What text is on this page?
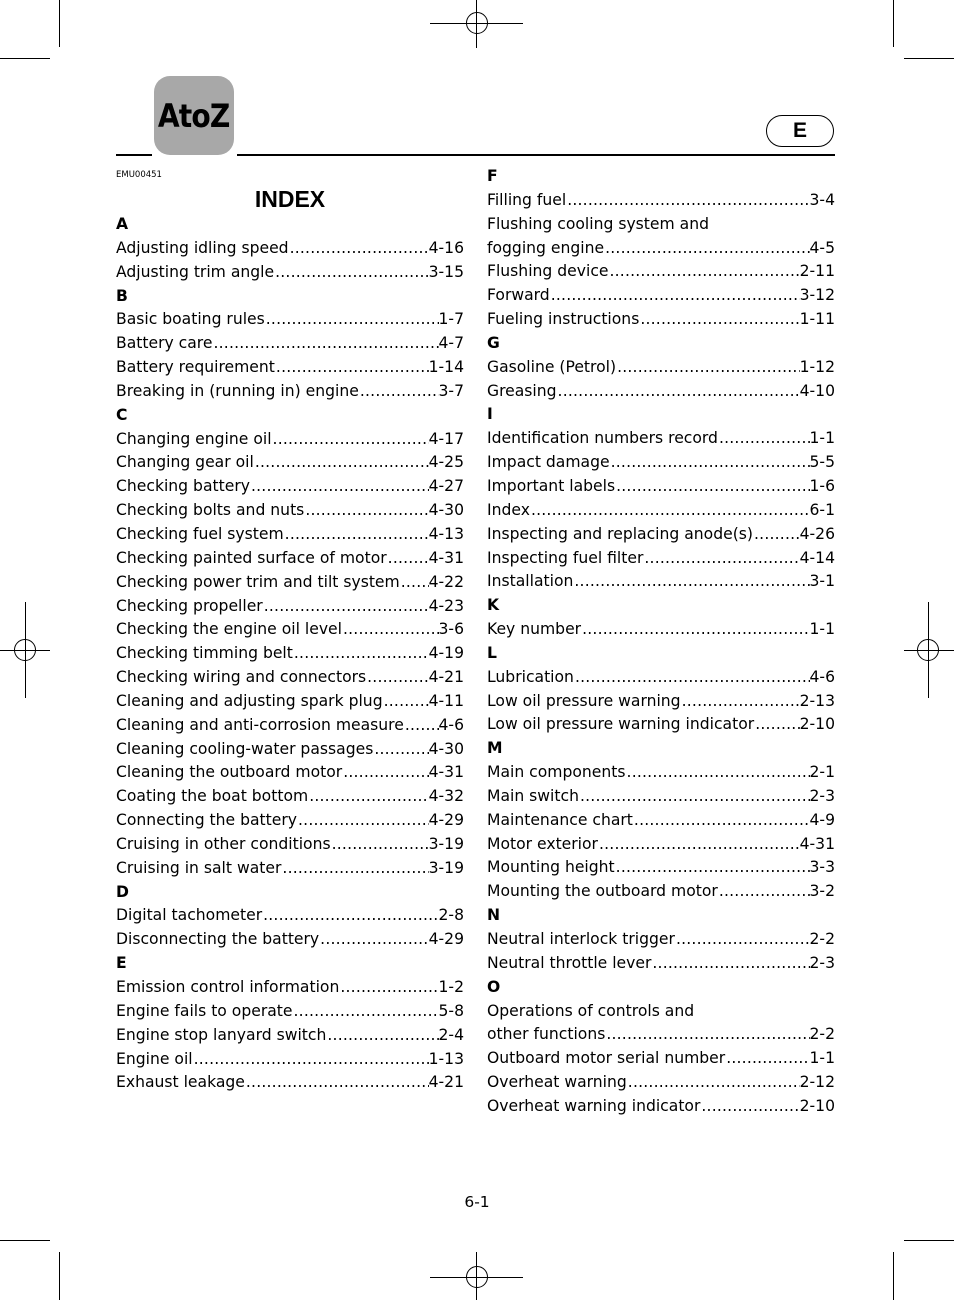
AtoZ	E
EMU00451
INDEX
A
Adjusting idling speed .....	4-16
Adjusting trim angle .....	3-15
B
Basic boating rules .....	1-7
Battery care .....	4-7
Battery requirement .....	1-14
Breaking in (running in) engine .....	3-7
C
Changing engine oil .....	4-17
Changing gear oil .....	4-25
Checking battery .....	4-27
Checking bolts and nuts .....	4-30
Checking fuel system .....	4-13
Checking painted surface of motor .....	4-31
Checking power trim and tilt system ..... 4-22
Checking propeller .....	4-23
Checking the engine oil level .....	3-6
Checking timming belt .....	4-19
Checking wiring and connectors .....	4-21
Cleaning and adjusting spark plug .....	4-11
Cleaning and anti-corrosion measure ..... 4-6
Cleaning cooling-water passages .....	4-30
Cleaning the outboard motor .....	4-31
Coating the boat bottom .....	4-32
Connecting the battery .....	4-29
Cruising in other conditions .....	3-19
Cruising in salt water .....	3-19
D
Digital tachometer .....	2-8
Disconnecting the battery .....	4-29
E
Emission control information .....	1-2
Engine fails to operate .....	5-8
Engine stop lanyard switch .....	2-4
Engine oil .....	1-13
Exhaust leakage .....	4-21
F
Filling fuel .....	3-4
Flushing cooling system and
fogging engine .....	4-5
Flushing device .....	2-11
Forward .....	3-12
Fueling instructions .....	1-11
G
Gasoline (Petrol) .....	1-12
Greasing .....	4-10
I
Identification numbers record .....	1-1
Impact damage .....	5-5
Important labels .....	1-6
Index .....	6-1
Inspecting and replacing anode(s) .....	4-26
Inspecting fuel filter .....	4-14
Installation .....	3-1
K
Key number .....	1-1
L
Lubrication .....	4-6
Low oil pressure warning .....	2-13
Low oil pressure warning indicator .....	2-10
M
Main components .....	2-1
Main switch .....	2-3
Maintenance chart .....	4-9
Motor exterior .....	4-31
Mounting height .....	3-3
Mounting the outboard motor .....	3-2
N
Neutral interlock trigger .....	2-2
Neutral throttle lever .....	2-3
O
Operations of controls and
other functions .....	2-2
Outboard motor serial number .....	1-1
Overheat warning .....	2-12
Overheat warning indicator .....	2-10
6-1
